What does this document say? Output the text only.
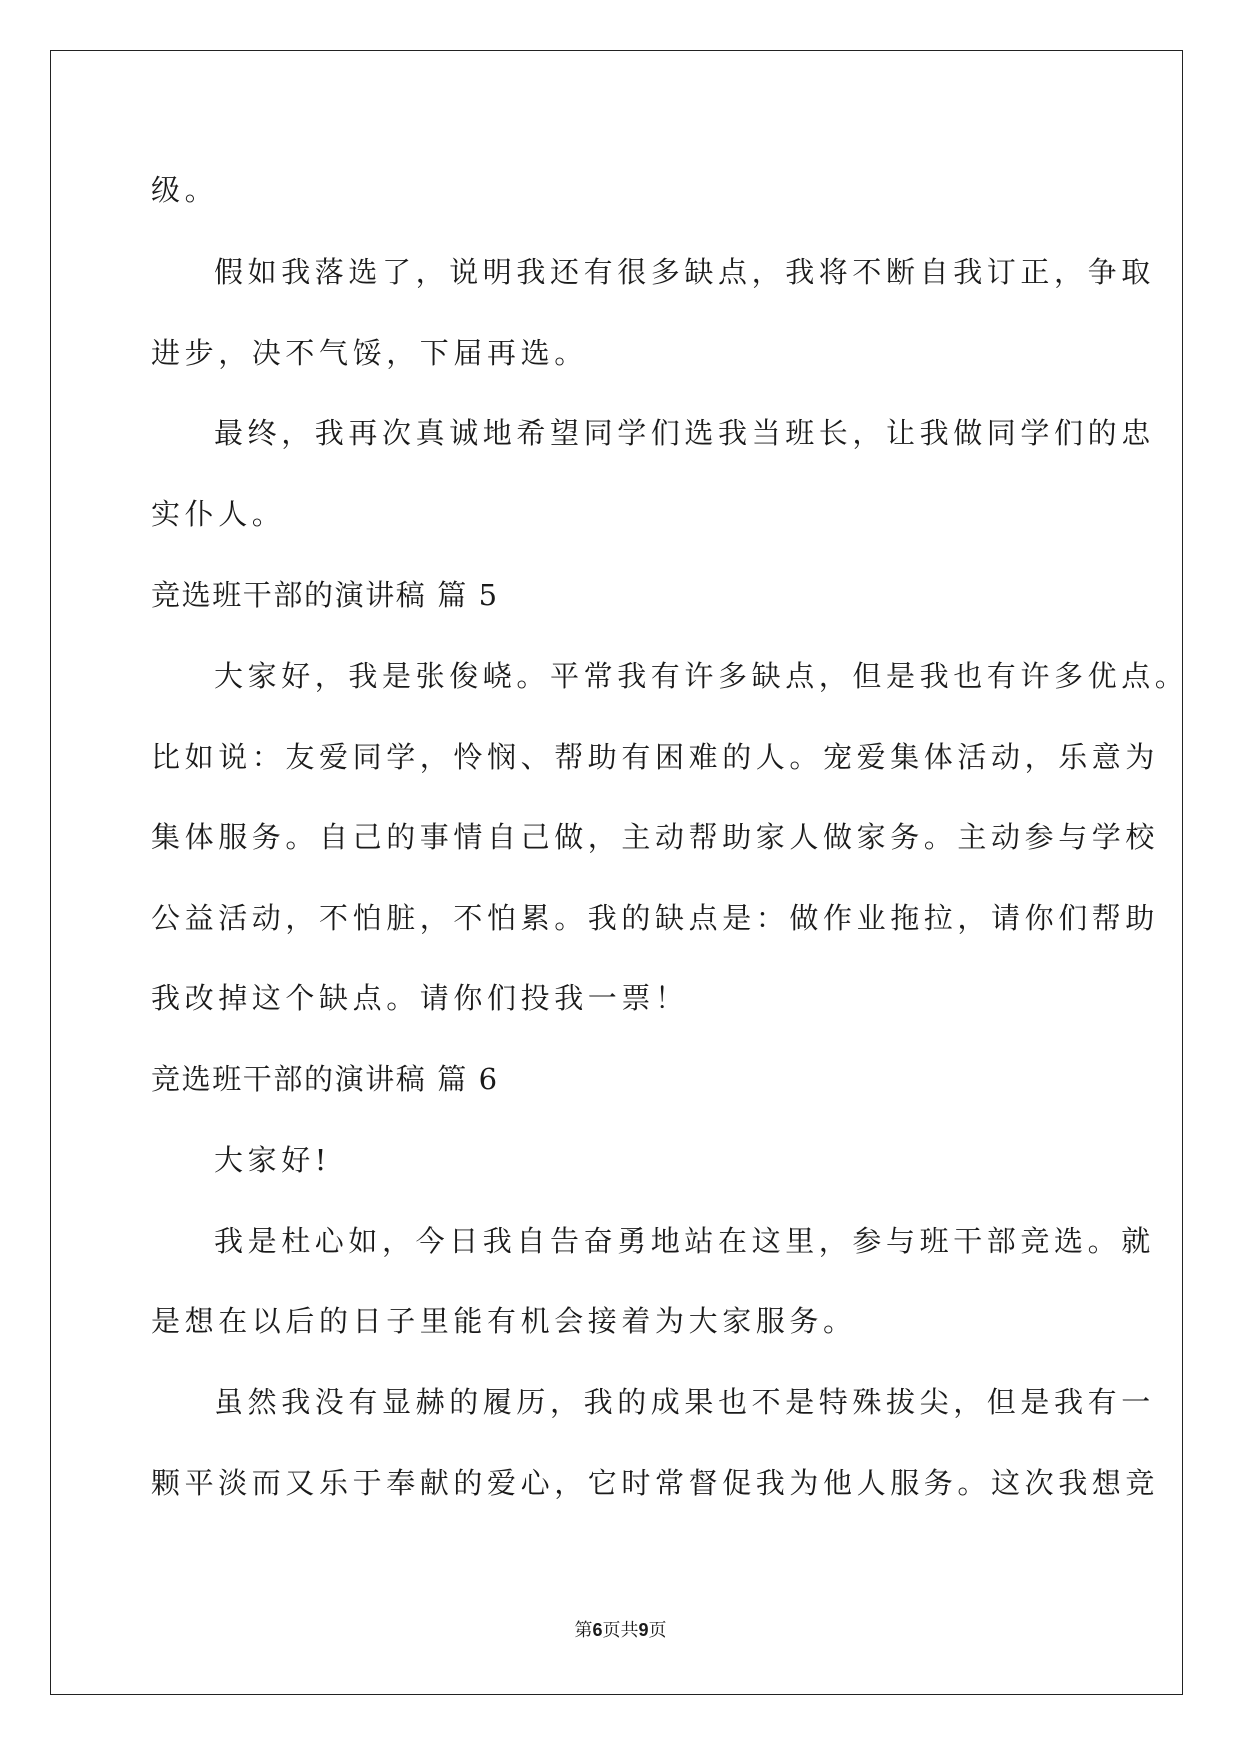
级。
假如我落选了，说明我还有很多缺点，我将不断自我订正，争取
进步，决不气馁，下届再选。
最终，我再次真诚地希望同学们选我当班长，让我做同学们的忠
实仆人。
竞选班干部的演讲稿 篇 5
大家好，我是张俊峣。平常我有许多缺点，但是我也有许多优点。
比如说：友爱同学，怜悯、帮助有困难的人。宠爱集体活动，乐意为
集体服务。自己的事情自己做，主动帮助家人做家务。主动参与学校
公益活动，不怕脏，不怕累。我的缺点是：做作业拖拉，请你们帮助
我改掉这个缺点。请你们投我一票！
竞选班干部的演讲稿 篇 6
大家好!
我是杜心如，今日我自告奋勇地站在这里，参与班干部竞选。就
是想在以后的日子里能有机会接着为大家服务。
虽然我没有显赫的履历，我的成果也不是特殊拔尖，但是我有一
颗平淡而又乐于奉献的爱心，它时常督促我为他人服务。这次我想竞
第6页共9页
